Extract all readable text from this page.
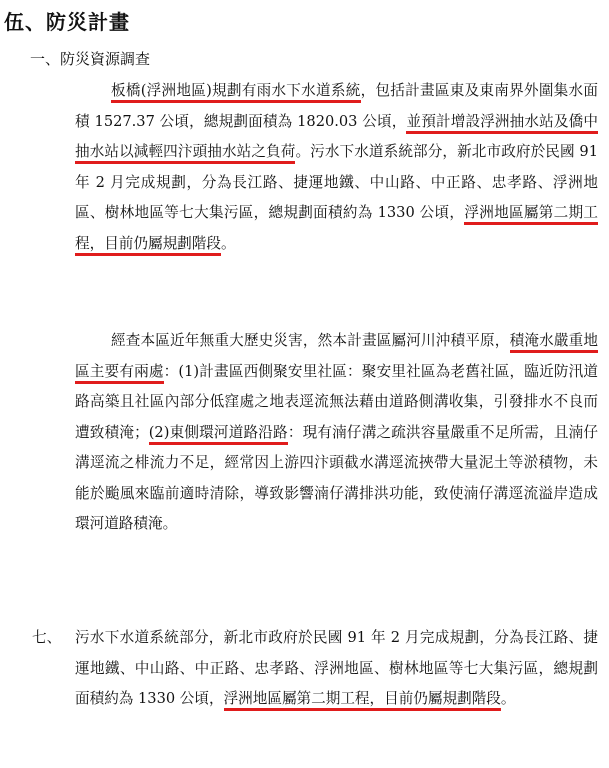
伍、防災計畫
一、防災資源調查
板橋(浮洲地區)規劃有雨水下水道系統，包括計畫區東及東南界外圍集水面積 1527.37 公頃，總規劃面積為 1820.03 公頃，並預計增設浮洲抽水站及僑中抽水站以減輕四汴頭抽水站之負荷。污水下水道系統部分，新北市政府於民國 91 年 2 月完成規劃，分為長江路、捷運地鐵、中山路、中正路、忠孝路、浮洲地區、樹林地區等七大集污區，總規劃面積約為 1330 公頃，浮洲地區屬第二期工程，目前仍屬規劃階段。
經查本區近年無重大歷史災害，然本計畫區屬河川沖積平原，積淹水嚴重地區主要有兩處：(1)計畫區西側聚安里社區：聚安里社區為老舊社區，臨近防汛道路高築且社區內部分低窪處之地表逕流無法藉由道路側溝收集，引發排水不良而遭致積淹；(2)東側環河道路沿路：現有湳仔溝之疏洪容量嚴重不足所需，且湳仔溝逕流之棑流力不足，經常因上游四汴頭截水溝逕流挾帶大量泥土等淤積物，未能於颱風來臨前適時清除，導致影響湳仔溝排洪功能，致使湳仔溝逕流溢岸造成環河道路積淹。
七、 污水下水道系統部分，新北市政府於民國 91 年 2 月完成規劃，分為長江路、捷運地鐵、中山路、中正路、忠孝路、浮洲地區、樹林地區等七大集污區，總規劃面積約為 1330 公頃，浮洲地區屬第二期工程，目前仍屬規劃階段。
